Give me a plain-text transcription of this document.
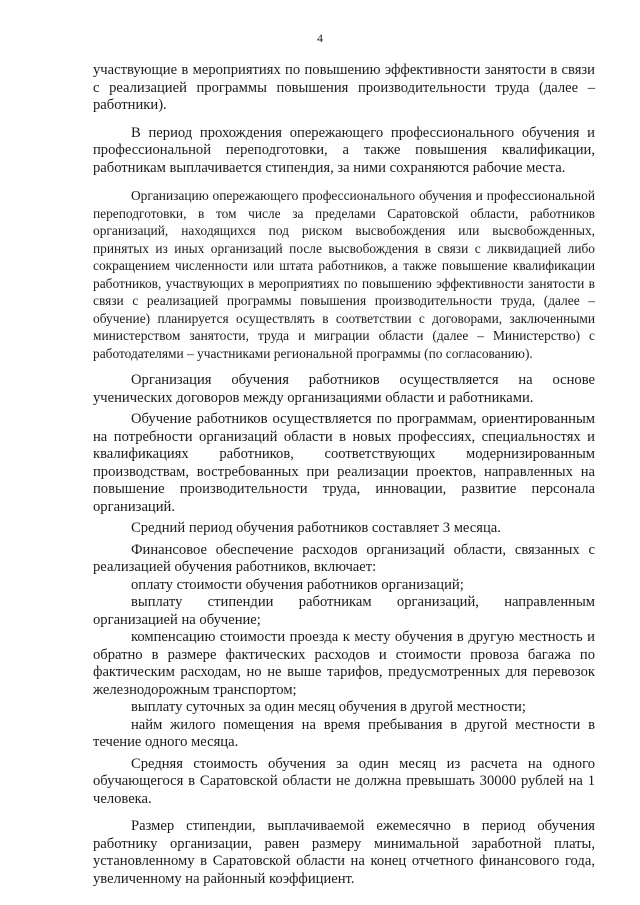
4

участвующие в мероприятиях по повышению эффективности занятости в связи с реализацией программы повышения производительности труда (далее – работники).

В период прохождения опережающего профессионального обучения и профессиональной переподготовки, а также повышения квалификации, работникам выплачивается стипендия, за ними сохраняются рабочие места.

Организацию опережающего профессионального обучения и профессиональной переподготовки, в том числе за пределами Саратовской области, работников организаций, находящихся под риском высвобождения или высвобожденных, принятых из иных организаций после высвобождения в связи с ликвидацией либо сокращением численности или штата работников, а также повышение квалификации работников, участвующих в мероприятиях по повышению эффективности занятости в связи с реализацией программы повышения производительности труда, (далее – обучение) планируется осуществлять в соответствии с договорами, заключенными министерством занятости, труда и миграции области (далее – Министерство) с работодателями – участниками региональной программы (по согласованию).

Организация обучения работников осуществляется на основе ученических договоров между организациями области и работниками.

Обучение работников осуществляется по программам, ориентированным на потребности организаций области в новых профессиях, специальностях и квалификациях работников, соответствующих модернизированным производствам, востребованных при реализации проектов, направленных на повышение производительности труда, инновации, развитие персонала организаций.

Средний период обучения работников составляет 3 месяца.

Финансовое обеспечение расходов организаций области, связанных с реализацией обучения работников, включает:

оплату стоимости обучения работников организаций;

выплату стипендии работникам организаций, направленным организацией на обучение;

компенсацию стоимости проезда к месту обучения в другую местность и обратно в размере фактических расходов и стоимости провоза багажа по фактическим расходам, но не выше тарифов, предусмотренных для перевозок железнодорожным транспортом;

выплату суточных за один месяц обучения в другой местности;

найм жилого помещения на время пребывания в другой местности в течение одного месяца.

Средняя стоимость обучения за один месяц из расчета на одного обучающегося в Саратовской области не должна превышать 30000 рублей на 1 человека.

Размер стипендии, выплачиваемой ежемесячно в период обучения работнику организации, равен размеру минимальной заработной платы, установленному в Саратовской области на конец отчетного финансового года, увеличенному на районный коэффициент.
